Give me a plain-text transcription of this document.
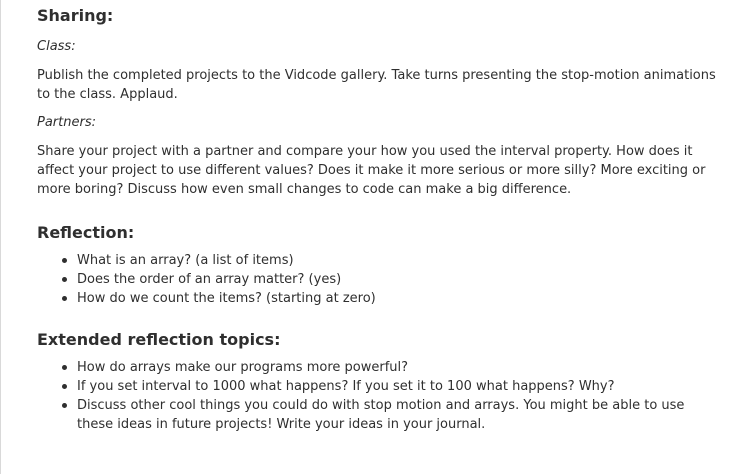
Sharing:
Class:

Publish the completed projects to the Vidcode gallery. Take turns presenting the stop-motion animations to the class. Applaud.

Partners:

Share your project with a partner and compare your how you used the interval property. How does it affect your project to use different values? Does it make it more serious or more silly? More exciting or more boring? Discuss how even small changes to code can make a big difference.

Reflection:
What is an array? (a list of items)
Does the order of an array matter? (yes)
How do we count the items? (starting at zero)
Extended reflection topics:
How do arrays make our programs more powerful?
If you set interval to 1000 what happens? If you set it to 100 what happens? Why?
Discuss other cool things you could do with stop motion and arrays. You might be able to use these ideas in future projects! Write your ideas in your journal.
